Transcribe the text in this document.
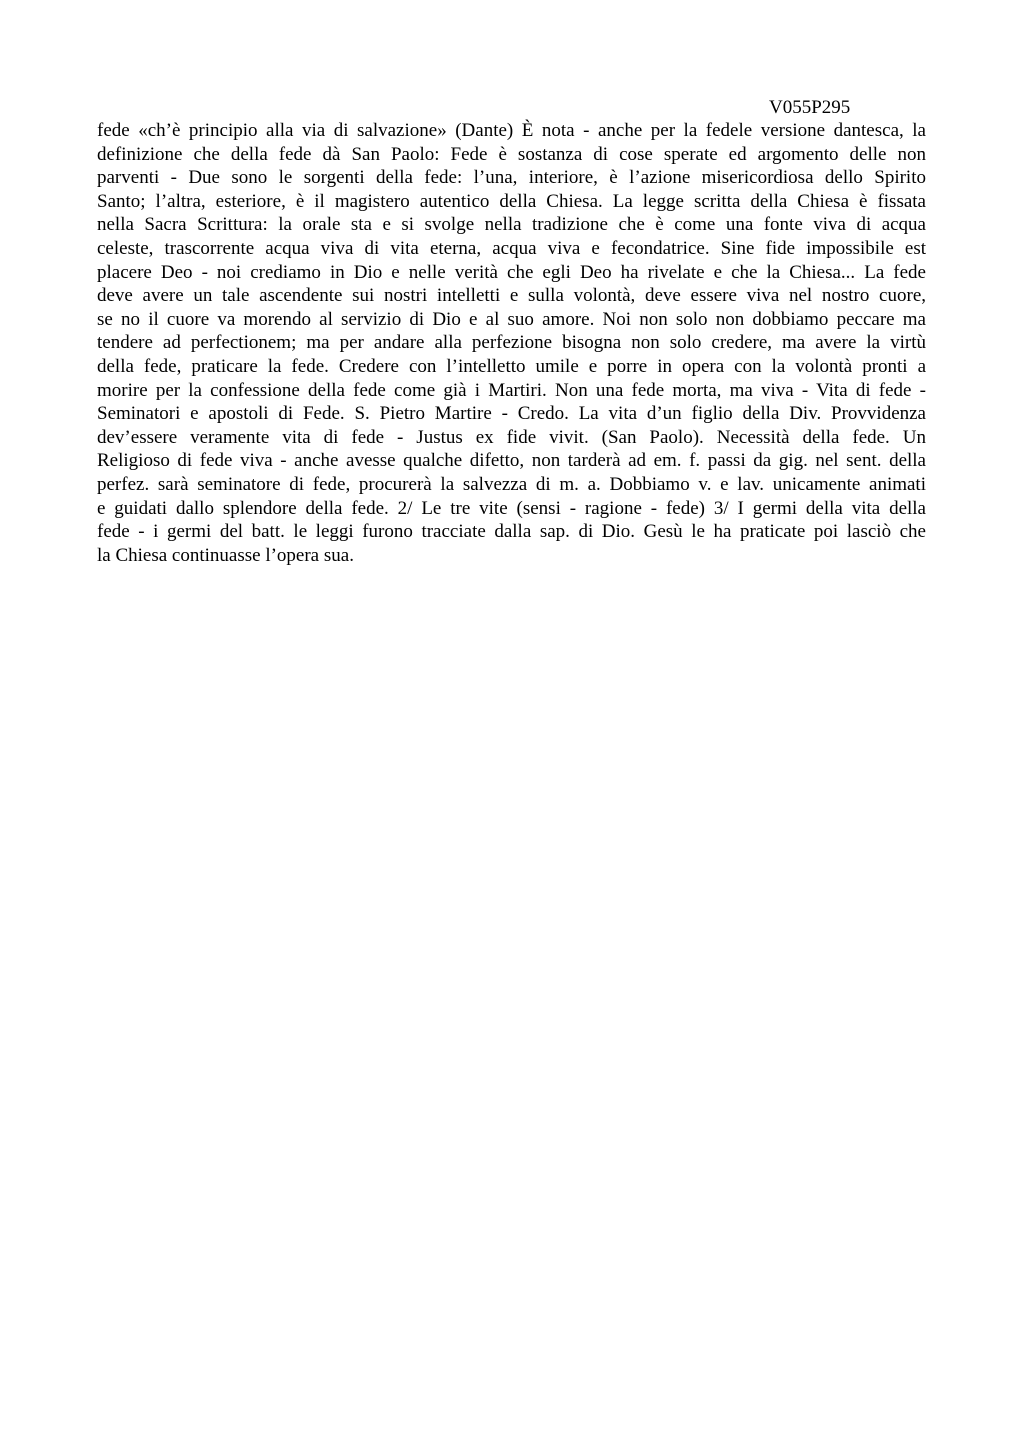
V055P295
fede «ch’è principio alla via di salvazione» (Dante) È nota - anche per la fedele versione dantesca, la
definizione che della fede dà San Paolo: Fede è sostanza di cose sperate ed argomento delle non
parventi - Due sono le sorgenti della fede: l’una, interiore, è l’azione misericordiosa dello Spirito
Santo; l’altra, esteriore, è il magistero autentico della Chiesa. La legge scritta della Chiesa è fissata
nella Sacra Scrittura: la orale sta e si svolge nella tradizione che è come una fonte viva di acqua
celeste, trascorrente acqua viva di vita eterna, acqua viva e fecondatrice. Sine fide impossibile est
placere Deo - noi crediamo in Dio e nelle verità che egli Deo ha rivelate e che la Chiesa... La fede
deve avere un tale ascendente sui nostri intelletti e sulla volontà, deve essere viva nel nostro cuore,
se no il cuore va morendo al servizio di Dio e al suo amore. Noi non solo non dobbiamo peccare ma
tendere ad perfectionem; ma per andare alla perfezione bisogna non solo credere, ma avere la virtù
della fede, praticare la fede. Credere con l’intelletto umile e porre in opera con la volontà pronti a
morire per la confessione della fede come già i Martiri. Non una fede morta, ma viva - Vita di fede -
Seminatori e apostoli di Fede. S. Pietro Martire - Credo. La vita d’un figlio della Div. Provvidenza
dev’essere veramente vita di fede - Justus ex fide vivit. (San Paolo). Necessità della fede. Un
Religioso di fede viva - anche avesse qualche difetto, non tarderà ad em. f. passi da gig. nel sent. della
perfez. sarà seminatore di fede, procurerà la salvezza di m. a. Dobbiamo v. e lav. unicamente animati
e guidati dallo splendore della fede. 2/ Le tre vite (sensi - ragione - fede) 3/ I germi della vita della
fede - i germi del batt. le leggi furono tracciate dalla sap. di Dio. Gesù le ha praticate poi lasciò che
la Chiesa continuasse l’opera sua.
